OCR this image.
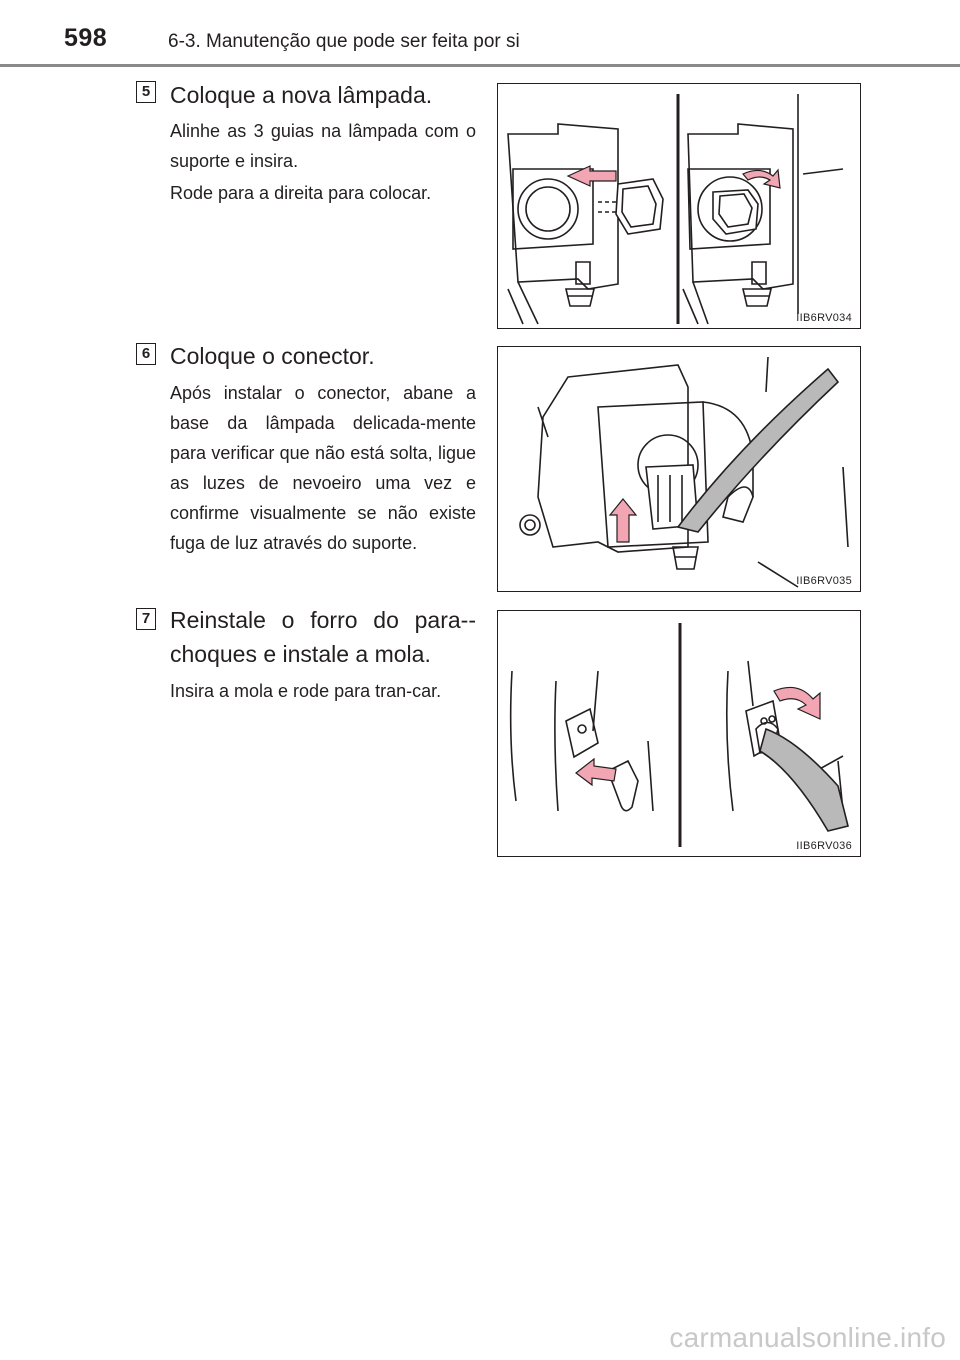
598	6-3. Manutenção que pode ser feita por si
5 Coloque a nova lâmpada.

Alinhe as 3 guias na lâmpada com o suporte e insira.

Rode para a direita para colocar.

IIB6RV034
6 Coloque o conector.

Após instalar o conector, abane a base da lâmpada delicada-mente para verificar que não está solta, ligue as luzes de nevoeiro uma vez e confirme visualmente se não existe fuga de luz através do suporte.

IIB6RV035
7 Reinstale o forro do para--choques e instale a mola.

Insira a mola e rode para tran-car.

IIB6RV036
carmanualsonline.info
